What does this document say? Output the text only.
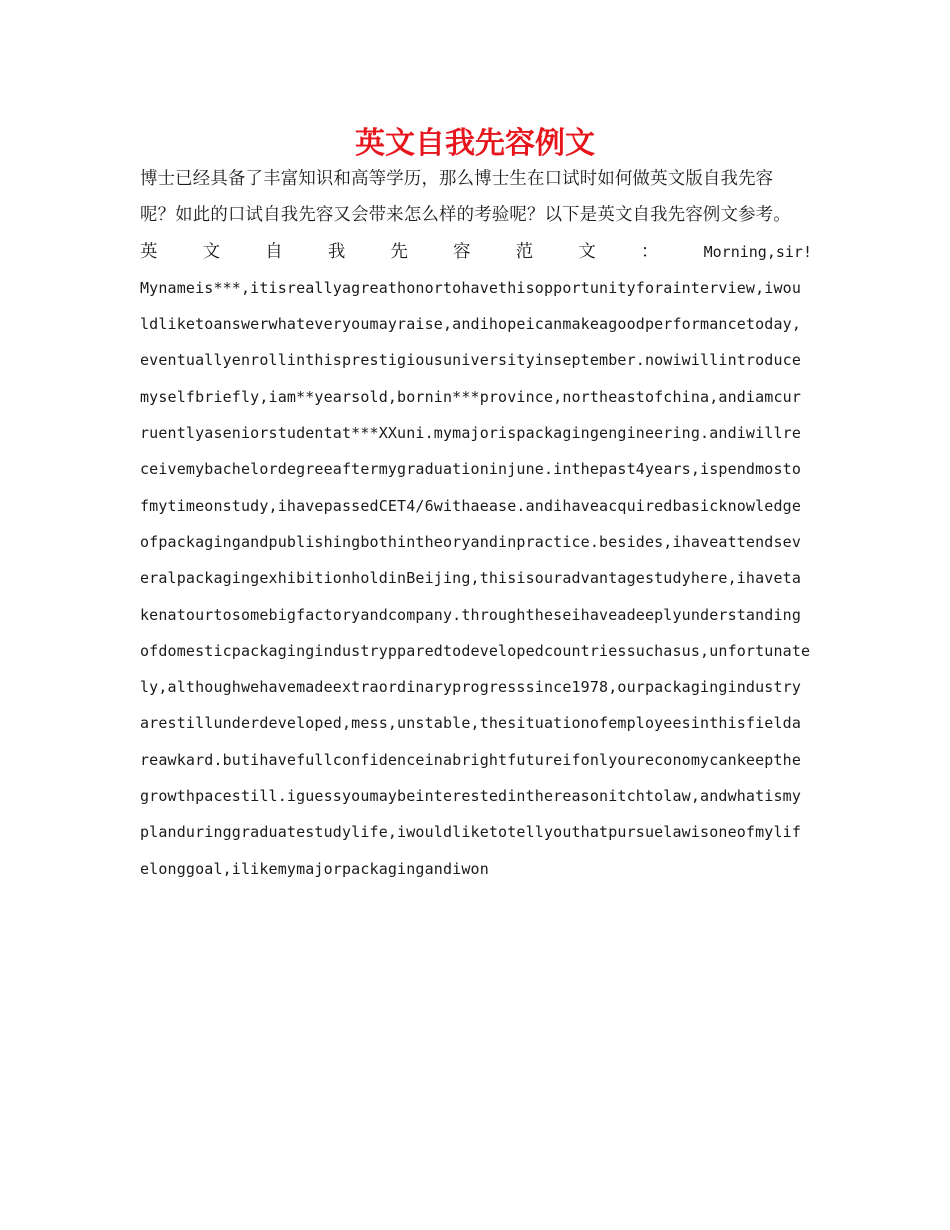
英文自我先容例文
博士已经具备了丰富知识和高等学历，那么博士生在口试时如何做英文版自我先容
呢？如此的口试自我先容又会带来怎么样的考验呢？以下是英文自我先容例文参考。
英	文	自	我	先	容	范	文	：	Morning,sir!
Mynameis***,itisreallyagreathonortohavethisopportunityforainterview,iwou
ldliketoanswerwhateveryoumayraise,andihopeicanmakeagoodperformancetoday,
eventuallyenrollinthisprestigiousuniversityinseptember.nowiwillintroduce
myselfbriefly,iam**yearsold,bornin***province,northeastofchina,andiamcur
ruentlyaseniorstudentat***XXuni.mymajorispackagingengineering.andiwillre
ceivemybachelordegreeaftermygraduationinjune.inthepast4years,ispendmosto
fmytimeonstudy,ihavepassedCET4/6withaease.andihaveacquiredbasicknowledge
ofpackagingandpublishingbothintheoryandinpractice.besides,ihaveattendsev
eralpackagingexhibitionholdinBeijing,thisisouradvantagestudyhere,ihaveta
kenatourtosomebigfactoryandcompany.throughtheseihaveadeeplyunderstanding
ofdomesticpackagingindustrypparedtodevelopedcountriessuchasus,unfortunate
ly,althoughwehavemadeextraordinaryprogresssince1978,ourpackagingindustry
arestillunderdeveloped,mess,unstable,thesituationofemployeesinthisfielda
reawkard.butihavefullconfidenceinabrightfutureifonlyoureconomycankeepthe
growthpacestill.iguessyoumaybeinterestedinthereasonitchtolaw,andwhatismy
planduringgraduatestudylife,iwouldliketotellyouthatpursuelawisoneofmylif
elonggoal,ilikemymajorpackagingandiwon
